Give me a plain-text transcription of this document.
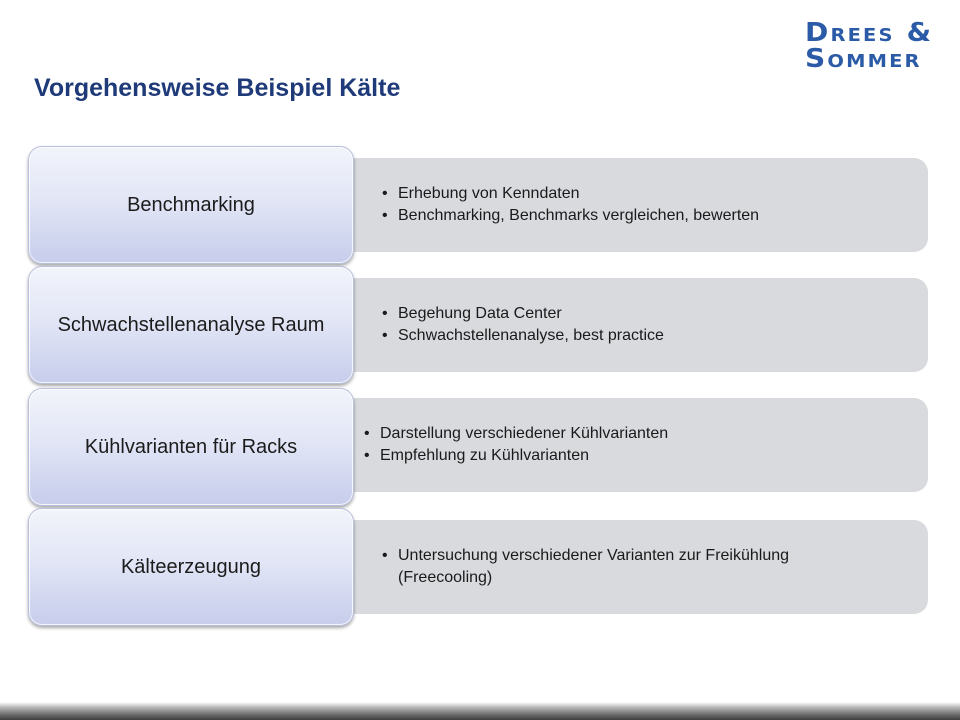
Drees &
Sommer
Vorgehensweise Beispiel Kälte
• Erhebung von Kenndaten
• Benchmarking, Benchmarks vergleichen, bewerten
Benchmarking
• Begehung Data Center
• Schwachstellenanalyse, best practice
Schwachstellenanalyse Raum
• Darstellung verschiedener Kühlvarianten
• Empfehlung zu Kühlvarianten
Kühlvarianten für Racks
• Untersuchung verschiedener Varianten zur Freikühlung (Freecooling)
Kälteerzeugung
